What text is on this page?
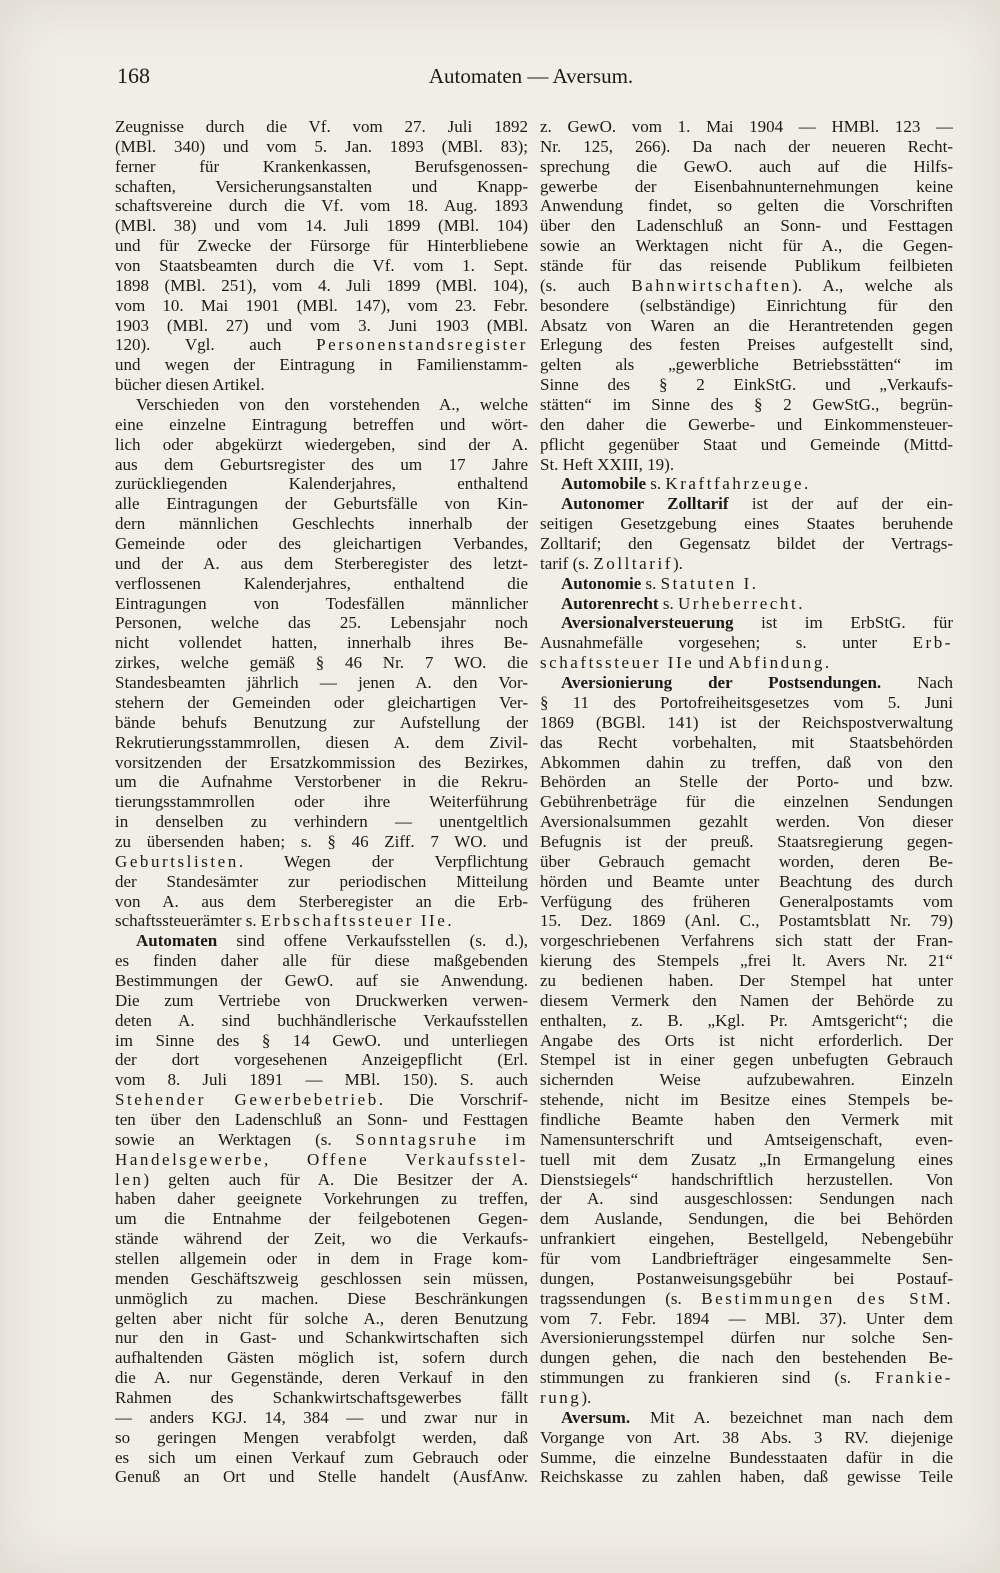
168	Automaten — Aversum.
Zeugnisse durch die Vf. vom 27. Juli 1892
(MBl. 340) und vom 5. Jan. 1893 (MBl. 83);
ferner für Krankenkassen, Berufsgenossen-
schaften, Versicherungsanstalten und Knapp-
schaftsvereine durch die Vf. vom 18. Aug. 1893
(MBl. 38) und vom 14. Juli 1899 (MBl. 104)
und für Zwecke der Fürsorge für Hinterbliebene
von Staatsbeamten durch die Vf. vom 1. Sept.
1898 (MBl. 251), vom 4. Juli 1899 (MBl. 104),
vom 10. Mai 1901 (MBl. 147), vom 23. Febr.
1903 (MBl. 27) und vom 3. Juni 1903 (MBl.
120). Vgl. auch Personenstandsregister
und wegen der Eintragung in Familienstamm-
bücher diesen Artikel.
Verschieden von den vorstehenden A., welche
eine einzelne Eintragung betreffen und wört-
lich oder abgekürzt wiedergeben, sind der A.
aus dem Geburtsregister des um 17 Jahre
zurückliegenden Kalenderjahres, enthaltend
alle Eintragungen der Geburtsfälle von Kin-
dern männlichen Geschlechts innerhalb der
Gemeinde oder des gleichartigen Verbandes,
und der A. aus dem Sterberegister des letzt-
verflossenen Kalenderjahres, enthaltend die
Eintragungen von Todesfällen männlicher
Personen, welche das 25. Lebensjahr noch
nicht vollendet hatten, innerhalb ihres Be-
zirkes, welche gemäß § 46 Nr. 7 WO. die
Standesbeamten jährlich — jenen A. den Vor-
stehern der Gemeinden oder gleichartigen Ver-
bände behufs Benutzung zur Aufstellung der
Rekrutierungsstammrollen, diesen A. dem Zivil-
vorsitzenden der Ersatzkommission des Bezirkes,
um die Aufnahme Verstorbener in die Rekru-
tierungsstammrollen oder ihre Weiterführung
in denselben zu verhindern — unentgeltlich
zu übersenden haben; s. § 46 Ziff. 7 WO. und
Geburtslisten. Wegen der Verpflichtung
der Standesämter zur periodischen Mitteilung
von A. aus dem Sterberegister an die Erb-
schaftssteuerämter s. Erbschaftssteuer IIe.
Automaten sind offene Verkaufsstellen (s. d.),
es finden daher alle für diese maßgebenden
Bestimmungen der GewO. auf sie Anwendung.
Die zum Vertriebe von Druckwerken verwen-
deten A. sind buchhändlerische Verkaufsstellen
im Sinne des § 14 GewO. und unterliegen
der dort vorgesehenen Anzeigepflicht (Erl.
vom 8. Juli 1891 — MBl. 150). S. auch
Stehender Gewerbebetrieb. Die Vorschrif-
ten über den Ladenschluß an Sonn- und Festtagen
sowie an Werktagen (s. Sonntagsruhe im
Handelsgewerbe, Offene Verkaufsstel-
len) gelten auch für A. Die Besitzer der A.
haben daher geeignete Vorkehrungen zu treffen,
um die Entnahme der feilgebotenen Gegen-
stände während der Zeit, wo die Verkaufs-
stellen allgemein oder in dem in Frage kom-
menden Geschäftszweig geschlossen sein müssen,
unmöglich zu machen. Diese Beschränkungen
gelten aber nicht für solche A., deren Benutzung
nur den in Gast- und Schankwirtschaften sich
aufhaltenden Gästen möglich ist, sofern durch
die A. nur Gegenstände, deren Verkauf in den
Rahmen des Schankwirtschaftsgewerbes fällt
— anders KGJ. 14, 384 — und zwar nur in
so geringen Mengen verabfolgt werden, daß
es sich um einen Verkauf zum Gebrauch oder
Genuß an Ort und Stelle handelt (AusfAnw.
z. GewO. vom 1. Mai 1904 — HMBl. 123 —
Nr. 125, 266). Da nach der neueren Recht-
sprechung die GewO. auch auf die Hilfs-
gewerbe der Eisenbahnunternehmungen keine
Anwendung findet, so gelten die Vorschriften
über den Ladenschluß an Sonn- und Festtagen
sowie an Werktagen nicht für A., die Gegen-
stände für das reisende Publikum feilbieten
(s. auch Bahnwirtschaften). A., welche als
besondere (selbständige) Einrichtung für den
Absatz von Waren an die Herantretenden gegen
Erlegung des festen Preises aufgestellt sind,
gelten als „gewerbliche Betriebsstätten“ im
Sinne des § 2 EinkStG. und „Verkaufs-
stätten“ im Sinne des § 2 GewStG., begrün-
den daher die Gewerbe- und Einkommensteuer-
pflicht gegenüber Staat und Gemeinde (Mittd-
St. Heft XXIII, 19).
Automobile s. Kraftfahrzeuge.
Autonomer Zolltarif ist der auf der ein-
seitigen Gesetzgebung eines Staates beruhende
Zolltarif; den Gegensatz bildet der Vertrags-
tarif (s. Zolltarif).
Autonomie s. Statuten I.
Autorenrecht s. Urheberrecht.
Aversionalversteuerung ist im ErbStG. für
Ausnahmefälle vorgesehen; s. unter Erb-
schaftssteuer IIe und Abfindung.
Aversionierung der Postsendungen. Nach
§ 11 des Portofreiheitsgesetzes vom 5. Juni
1869 (BGBl. 141) ist der Reichspostverwaltung
das Recht vorbehalten, mit Staatsbehörden
Abkommen dahin zu treffen, daß von den
Behörden an Stelle der Porto- und bzw.
Gebührenbeträge für die einzelnen Sendungen
Aversionalsummen gezahlt werden. Von dieser
Befugnis ist der preuß. Staatsregierung gegen-
über Gebrauch gemacht worden, deren Be-
hörden und Beamte unter Beachtung des durch
Verfügung des früheren Generalpostamts vom
15. Dez. 1869 (Anl. C., Postamtsblatt Nr. 79)
vorgeschriebenen Verfahrens sich statt der Fran-
kierung des Stempels „frei lt. Avers Nr. 21“
zu bedienen haben. Der Stempel hat unter
diesem Vermerk den Namen der Behörde zu
enthalten, z. B. „Kgl. Pr. Amtsgericht“; die
Angabe des Orts ist nicht erforderlich. Der
Stempel ist in einer gegen unbefugten Gebrauch
sichernden Weise aufzubewahren. Einzeln
stehende, nicht im Besitze eines Stempels be-
findliche Beamte haben den Vermerk mit
Namensunterschrift und Amtseigenschaft, even-
tuell mit dem Zusatz „In Ermangelung eines
Dienstsiegels“ handschriftlich herzustellen. Von
der A. sind ausgeschlossen: Sendungen nach
dem Auslande, Sendungen, die bei Behörden
unfrankiert eingehen, Bestellgeld, Nebengebühr
für vom Landbriefträger eingesammelte Sen-
dungen, Postanweisungsgebühr bei Postauf-
tragssendungen (s. Bestimmungen des StM.
vom 7. Febr. 1894 — MBl. 37). Unter dem
Aversionierungsstempel dürfen nur solche Sen-
dungen gehen, die nach den bestehenden Be-
stimmungen zu frankieren sind (s. Frankie-
rung).
Aversum. Mit A. bezeichnet man nach dem
Vorgange von Art. 38 Abs. 3 RV. diejenige
Summe, die einzelne Bundesstaaten dafür in die
Reichskasse zu zahlen haben, daß gewisse Teile
